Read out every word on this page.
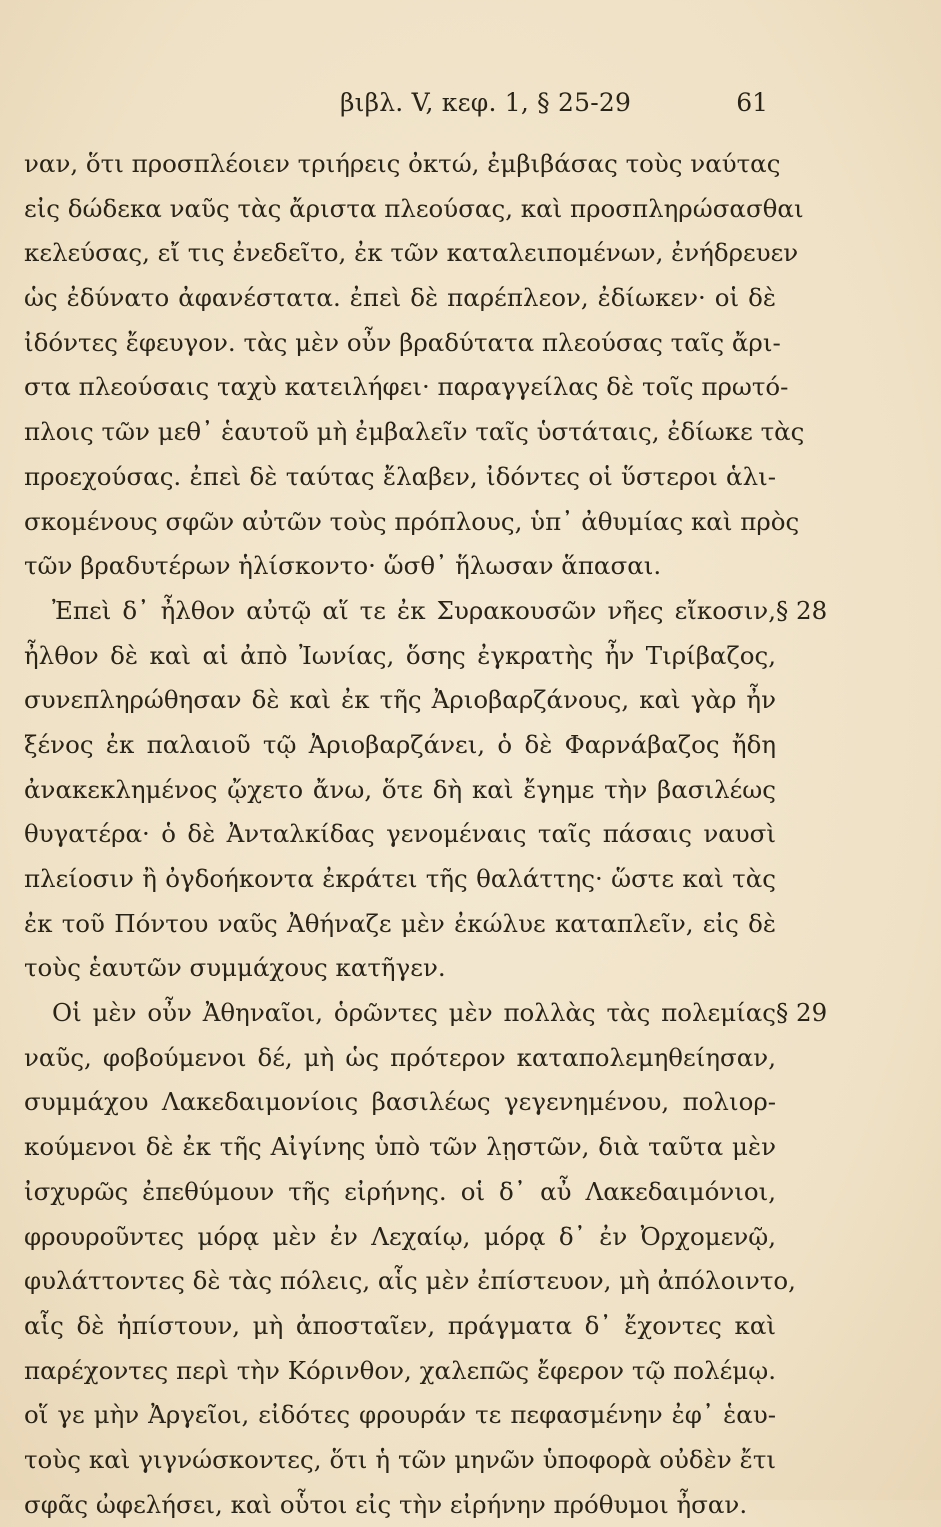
βιβλ. V, κεφ. 1, § 25-29	61
ναν, ὅτι προσπλέοιεν τριήρεις ὀκτώ, ἐμβιβάσας τοὺς ναύτας
εἰς δώδεκα ναῦς τὰς ἄριστα πλεούσας, καὶ προσπληρώσασθαι
κελεύσας, εἴ τις ἐνεδεῖτο, ἐκ τῶν καταλειπομένων, ἐνήδρευεν
ὡς ἐδύνατο ἀφανέστατα. ἐπεὶ δὲ παρέπλεον, ἐδίωκεν· οἱ δὲ
ἰδόντες ἔφευγον. τὰς μὲν οὖν βραδύτατα πλεούσας ταῖς ἄρι-
στα πλεούσαις ταχὺ κατειλήφει· παραγγείλας δὲ τοῖς πρωτό-
πλοις τῶν μεθ᾽ ἑαυτοῦ μὴ ἐμβαλεῖν ταῖς ὑστάταις, ἐδίωκε τὰς
προεχούσας. ἐπεὶ δὲ ταύτας ἔλαβεν, ἰδόντες οἱ ὕστεροι ἁλι-
σκομένους σφῶν αὐτῶν τοὺς πρόπλους, ὑπ᾽ ἀθυμίας καὶ πρὸς
τῶν βραδυτέρων ἡλίσκοντο· ὥσθ᾽ ἥλωσαν ἅπασαι.
Ἐπεὶ δ᾽ ἦλθον αὐτῷ αἵ τε ἐκ Συρακουσῶν νῆες εἴκοσιν,
ἦλθον δὲ καὶ αἱ ἀπὸ Ἰωνίας, ὅσης ἐγκρατὴς ἦν Τιρίβαζος,
συνεπληρώθησαν δὲ καὶ ἐκ τῆς Ἀριοβαρζάνους, καὶ γὰρ ἦν
ξένος ἐκ παλαιοῦ τῷ Ἀριοβαρζάνει, ὁ δὲ Φαρνάβαζος ἤδη
ἀνακεκλημένος ᾤχετο ἄνω, ὅτε δὴ καὶ ἔγημε τὴν βασιλέως
θυγατέρα· ὁ δὲ Ἀνταλκίδας γενομέναις ταῖς πάσαις ναυσὶ
πλείοσιν ἢ ὀγδοήκοντα ἐκράτει τῆς θαλάττης· ὥστε καὶ τὰς
ἐκ τοῦ Πόντου ναῦς Ἀθήναζε μὲν ἐκώλυε καταπλεῖν, εἰς δὲ
τοὺς ἑαυτῶν συμμάχους κατῆγεν.
Οἱ μὲν οὖν Ἀθηναῖοι, ὁρῶντες μὲν πολλὰς τὰς πολεμίας
ναῦς, φοβούμενοι δέ, μὴ ὡς πρότερον καταπολεμηθείησαν,
συμμάχου Λακεδαιμονίοις βασιλέως γεγενημένου, πολιορ-
κούμενοι δὲ ἐκ τῆς Αἰγίνης ὑπὸ τῶν λῃστῶν, διὰ ταῦτα μὲν
ἰσχυρῶς ἐπεθύμουν τῆς εἰρήνης. οἱ δ᾽ αὖ Λακεδαιμόνιοι,
φρουροῦντες μόρᾳ μὲν ἐν Λεχαίῳ, μόρᾳ δ᾽ ἐν Ὀρχομενῷ,
φυλάττοντες δὲ τὰς πόλεις, αἷς μὲν ἐπίστευον, μὴ ἀπόλοιντο,
αἷς δὲ ἠπίστουν, μὴ ἀποσταῖεν, πράγματα δ᾽ ἔχοντες καὶ
παρέχοντες περὶ τὴν Κόρινθον, χαλεπῶς ἔφερον τῷ πολέμῳ.
οἵ γε μὴν Ἀργεῖοι, εἰδότες φρουράν τε πεφασμένην ἐφ᾽ ἑαυ-
τοὺς καὶ γιγνώσκοντες, ὅτι ἡ τῶν μηνῶν ὑποφορὰ οὐδὲν ἔτι
σφᾶς ὠφελήσει, καὶ οὗτοι εἰς τὴν εἰρήνην πρόθυμοι ἦσαν.
§ 28
§ 29
